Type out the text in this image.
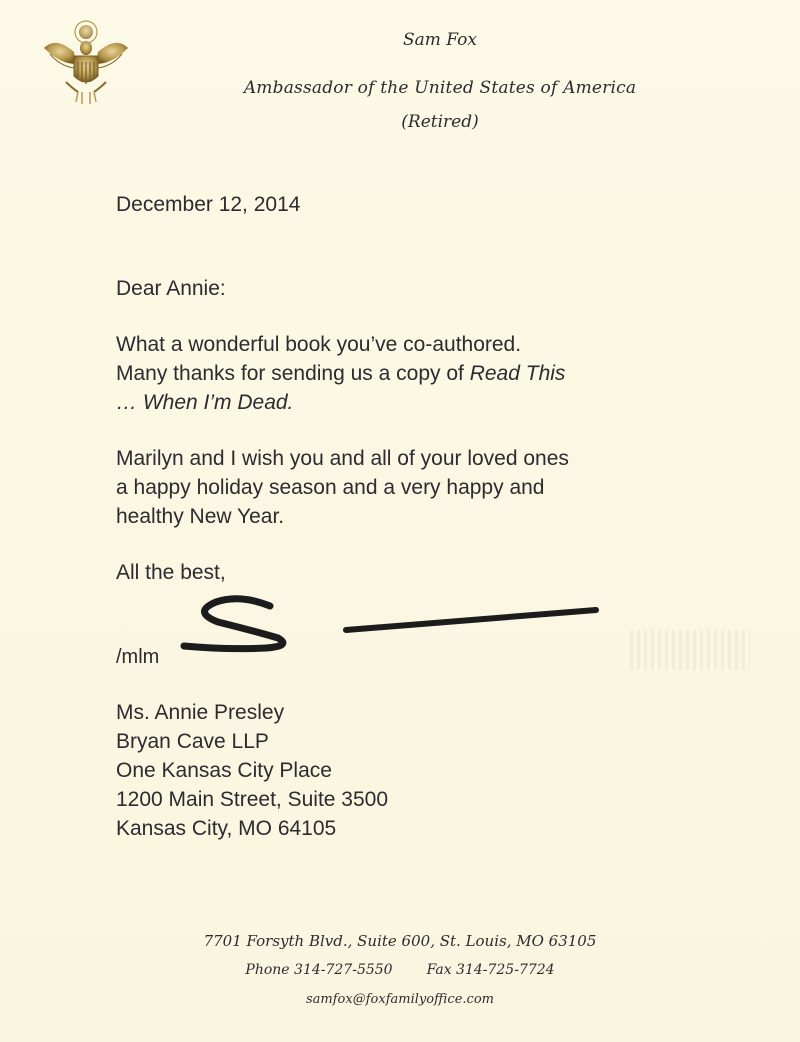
Sam Fox
Ambassador of the United States of America
(Retired)
December 12, 2014
Dear Annie:
What a wonderful book you’ve co-authored.
Many thanks for sending us a copy of Read This
… When I’m Dead.
Marilyn and I wish you and all of your loved ones
a happy holiday season and a very happy and
healthy New Year.
All the best,
/mlm
Ms. Annie Presley
Bryan Cave LLP
One Kansas City Place
1200 Main Street, Suite 3500
Kansas City, MO 64105
7701 Forsyth Blvd., Suite 600, St. Louis, MO 63105
Phone 314-727-5550 Fax 314-725-7724
samfox@foxfamilyoffice.com
